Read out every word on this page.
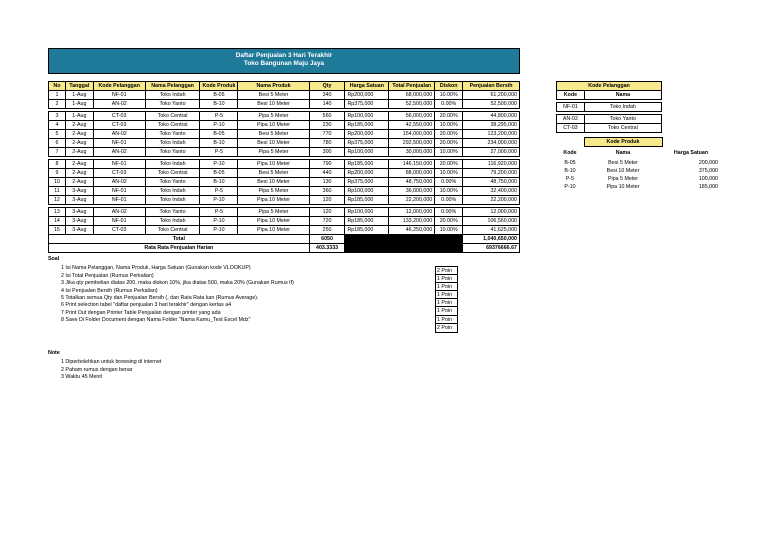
Daftar Penjualan 3 Hari Terakhir
Toko Bangunan Maju Jaya
No	Tanggal	Kode Pelanggan	Nama Pelanggan	Kode Produk	Nama Produk	Qty	Harga Satuan	Total Penjualan	Diskon	Penjualan Bersih
1	1-Aug	NF-01	Toko Indah	B-05	Besi 5 Meter	340	Rp200,000	68,000,000	10.00%	61,200,000
2	1-Aug	AN-02	Toko Yanto	B-10	Besi 10 Meter	140	Rp375,000	52,500,000	0.00%	52,500,000

3	1-Aug	CT-03	Toko Central	P-5	Pipa 5 Meter	560	Rp100,000	56,000,000	20.00%	44,800,000
4	2-Aug	CT-03	Toko Central	P-10	Pipa 10 Meter	230	Rp185,000	42,550,000	10.00%	38,295,000
5	2-Aug	AN-02	Toko Yanto	B-05	Besi 5 Meter	770	Rp200,000	154,000,000	20.00%	123,200,000
6	2-Aug	NF-01	Toko Indah	B-10	Besi 10 Meter	780	Rp375,000	292,500,000	20.00%	234,000,000
7	2-Aug	AN-02	Toko Yanto	P-5	Pipa 5 Meter	300	Rp100,000	30,000,000	10.00%	27,000,000

8	2-Aug	NF-01	Toko Indah	P-10	Pipa 10 Meter	790	Rp185,000	146,150,000	20.00%	116,920,000
9	2-Aug	CT-03	Toko Central	B-05	Besi 5 Meter	440	Rp200,000	88,000,000	10.00%	79,200,000
10	2-Aug	AN-02	Toko Yanto	B-10	Besi 10 Meter	130	Rp375,000	48,750,000	0.00%	48,750,000
11	3-Aug	NF-01	Toko Indah	P-5	Pipa 5 Meter	360	Rp100,000	36,000,000	10.00%	32,400,000
12	3-Aug	NF-01	Toko Indah	P-10	Pipa 10 Meter	120	Rp185,000	22,200,000	0.00%	22,200,000

13	3-Aug	AN-02	Toko Yanto	P-5	Pipa 5 Meter	120	Rp100,000	12,000,000	0.00%	12,000,000
14	3-Aug	NF-01	Toko Indah	P-10	Pipa 10 Meter	720	Rp185,000	133,200,000	20.00%	106,560,000
15	3-Aug	CT-03	Toko Central	P-10	Pipa 10 Meter	250	Rp185,000	46,250,000	10.00%	41,625,000
Total						6050				1,040,650,000
Rata Rata Penjualan Harian						403.3333				69376666.67
Kode Pelanggan	
Kode	Nama

NF-01	Toko Indah

AN-02	Toko Yanto
CT-03	Toko Central
	Kode Produk	

Kode	Nama	Harga Satuan

B-05	Besi 5 Meter	200,000
B-10	Besi 10 Meter	375,000
P-5	Pipa 5 Meter	100,000
P-10	Pipa 10 Meter	185,000
Soal
1 Isi Nama Pelanggan, Nama Produk, Harga Satuan (Gunakan kode VLOOKUP)
2 Isi Total Penjualan (Rumus Perkalian)
3 Jika qty pembelian diatas 200, maka diskon 10%, jika diatas 500, maka 20% (Gunakan Rumus If)
4 Isi Penjualan Bersih (Rumus Perkalian)
5 Totalkan semua Qty dan Penjualan Bersih (, dan Rata Rata kan (Rumus Average).
6 Print selection tabel "daftar penjualan 3 hari terakhir" dengan kertas a4
7 Print Out dengan Printer Table Penjualan dengan printer yang ada
8 Save Di Folder Document dengan Nama Folder "Nama Kamu_Test Excel Mdz"
2 Poin
1 Poin
1 Poin
1 Poin
1 Poin
1 Poin
1 Poin
2 Poin
Note
1 Diperbolehkan untuk browsing di internet
2 Paham rumus dengan benar
3 Waktu 45 Menit
